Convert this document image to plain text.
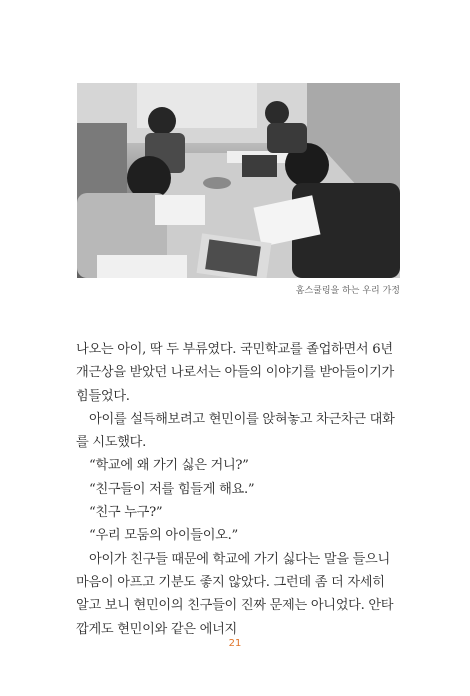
홈스쿨링을 하는 우리 가정

나오는 아이, 딱 두 부류였다. 국민학교를 졸업하면서 6년 개근상을 받았던 나로서는 아들의 이야기를 받아들이기가 힘들었다.

아이를 설득해보려고 현민이를 앉혀놓고 차근차근 대화를 시도했다.

“학교에 왜 가기 싫은 거니?”

“친구들이 저를 힘들게 해요.”

“친구 누구?”

“우리 모둠의 아이들이오.”

아이가 친구들 때문에 학교에 가기 싫다는 말을 들으니 마음이 아프고 기분도 좋지 않았다. 그런데 좀 더 자세히 알고 보니 현민이의 친구들이 진짜 문제는 아니었다. 안타깝게도 현민이와 같은 에너지

21
